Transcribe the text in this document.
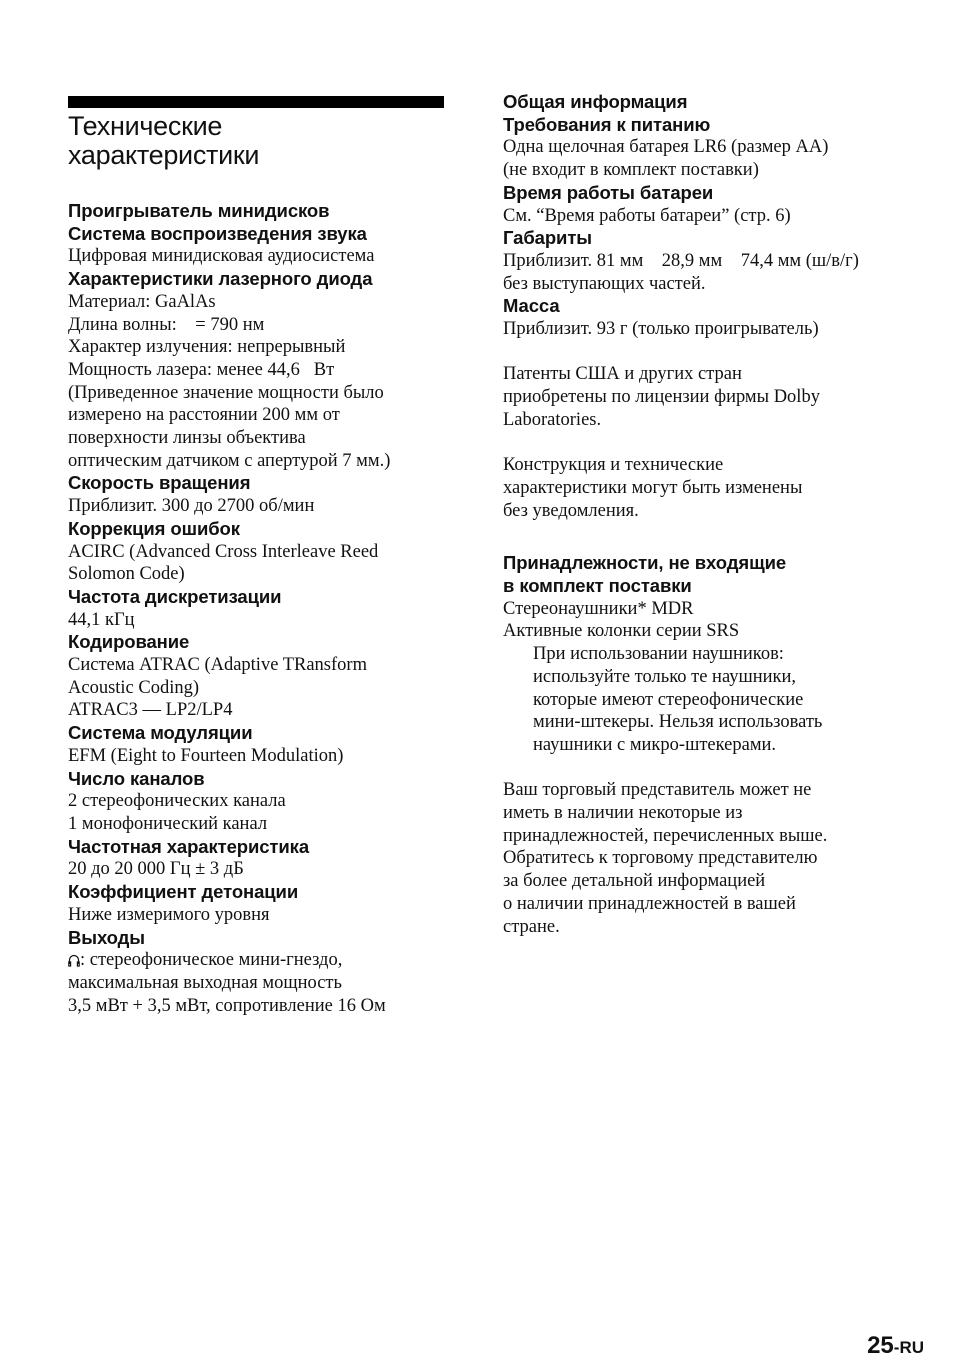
Технические
характеристики
Проигрыватель минидисков
Система воспроизведения звука
Цифровая минидисковая аудиосистема
Характеристики лазерного диода
Материал: GaAlAs
Длина волны:    = 790 нм
Характер излучения: непрерывный
Мощность лазера: менее 44,6   Вт
(Приведенное значение мощности было
измерено на расстоянии 200 мм от
поверхности линзы объектива
оптическим датчиком с апертурой 7 мм.)
Скорость вращения
Приблизит. 300 до 2700 об/мин
Коррекция ошибок
ACIRC (Advanced Cross Interleave Reed
Solomon Code)
Частота дискретизации
44,1 кГц
Кодирование
Система ATRAC (Adaptive TRansform
Acoustic Coding)
ATRAC3 — LP2/LP4
Система модуляции
EFM (Eight to Fourteen Modulation)
Число каналов
2 стереофонических канала
1 монофонический канал
Частотная характеристика
20 до 20 000 Гц ± 3 дБ
Коэффициент детонации
Ниже измеримого уровня
Выходы
: стереофоническое мини-гнездо,
максимальная выходная мощность
3,5 мВт + 3,5 мВт, сопротивление 16 Ом
Общая информация
Требования к питанию
Одна щелочная батарея LR6 (размер АА)
(не входит в комплект поставки)
Время работы батареи
См. “Время работы батареи” (стр. 6)
Габариты
Приблизит. 81 мм    28,9 мм    74,4 мм (ш/в/г)
без выступающих частей.
Масса
Приблизит. 93 г (только проигрыватель)
Патенты США и других стран
приобретены по лицензии фирмы Dolby
Laboratories.
Конструкция и технические
характеристики могут быть изменены
без уведомления.
Принадлежности, не входящие
в комплект поставки
Стереонаушники* MDR
Активные колонки серии SRS
При использовании наушников:
используйте только те наушники,
которые имеют стереофонические
мини-штекеры. Нельзя использовать
наушники с микро-штекерами.
Ваш торговый представитель может не
иметь в наличии некоторые из
принадлежностей, перечисленных выше.
Обратитесь к торговому представителю
за более детальной информацией
о наличии принадлежностей в вашей
стране.
25-RU
